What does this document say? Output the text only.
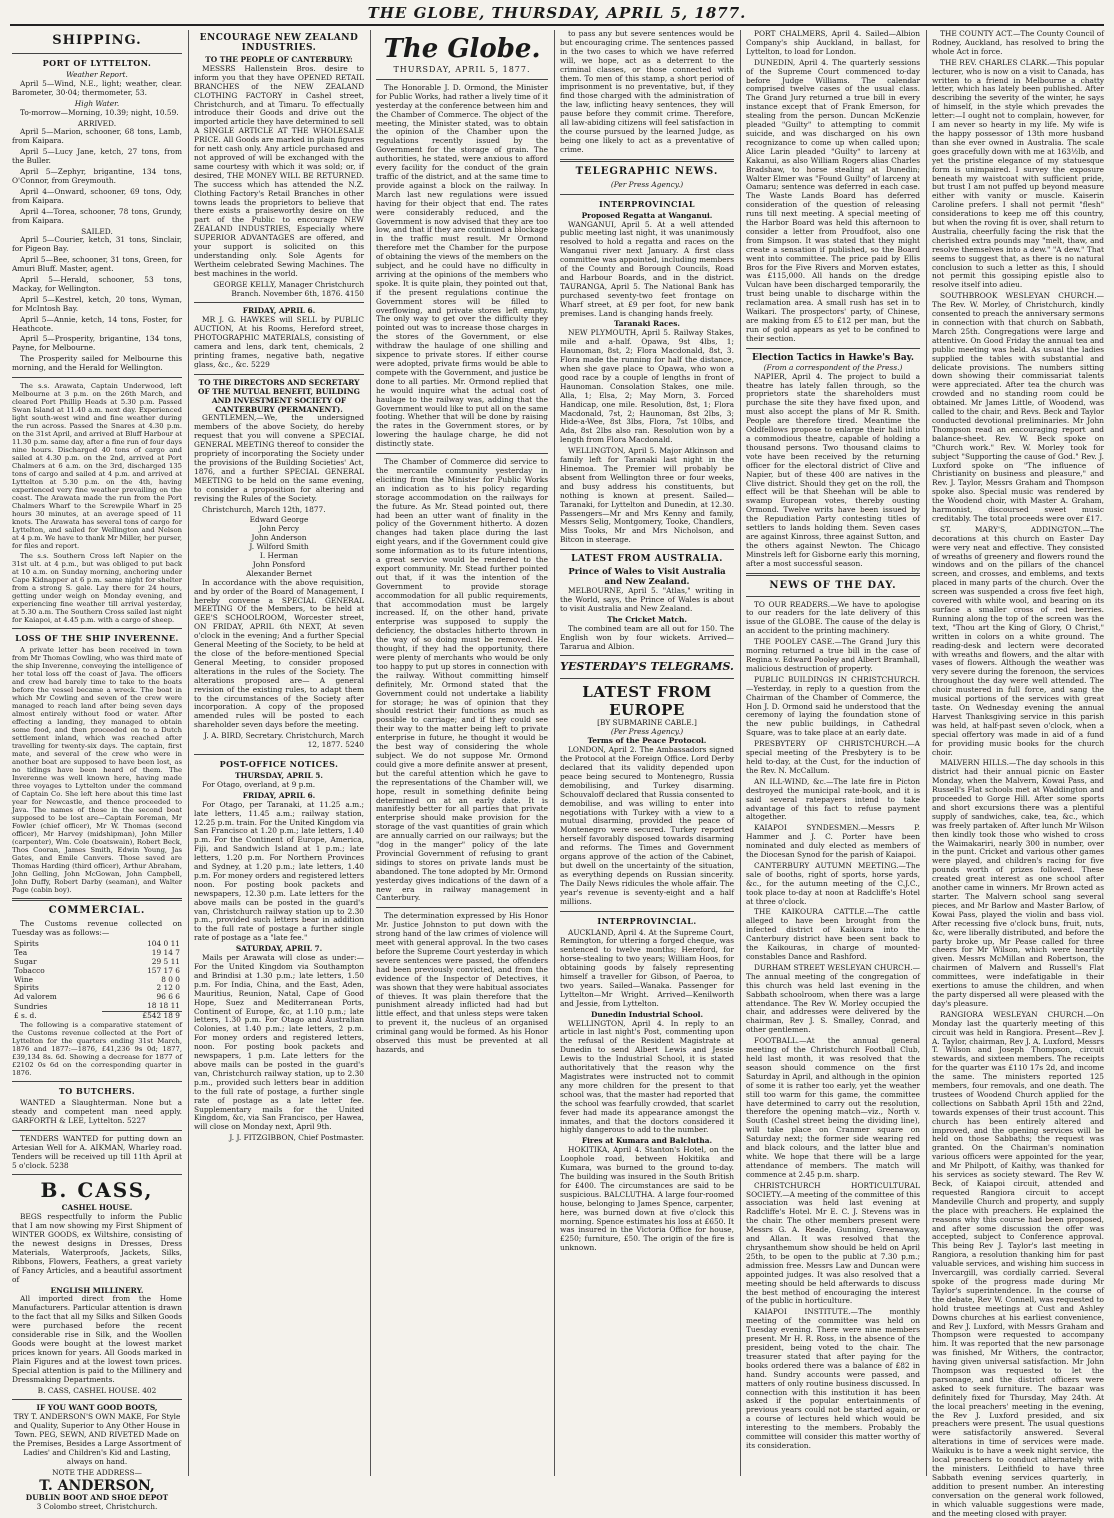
THE GLOBE, THURSDAY, APRIL 5, 1877.
SHIPPING.
PORT OF LYTTELTON.
Weather Report.

April 5—Wind, N.E., light; weather, clear. Barometer, 30·04; thermometer, 53.

High Water.

To-morrow—Morning, 10.39; night, 10.59.

ARRIVED.

April 5—Marion, schooner, 68 tons, Lamb, from Kaipara.

April 5—Lucy Jane, ketch, 27 tons, from the Buller.

April 5—Zephyr, brigantine, 134 tons, O'Connor, from Greymouth.

April 4—Onward, schooner, 69 tons, Ody, from Kaipara.

April 4—Torea, schooner, 78 tons, Grundy, from Kaipara.

SAILED.

April 5—Courier, ketch, 31 tons, Sinclair, for Pigeon Bay.

April 5—Bee, schooner, 31 tons, Green, for Amuri Bluff. Master, agent.

April 5—Herald, schooner, 53 tons, Mackay, for Wellington.

April 5—Kestrel, ketch, 20 tons, Wyman, for McIntosh Bay.

April 5—Annie, ketch, 14 tons, Foster, for Heathcote.

April 5—Prosperity, brigantine, 134 tons, Payne, for Melbourne.

The Prosperity sailed for Melbourne this morning, and the Herald for Wellington.

The s.s. Arawata, Captain Underwood, left Melbourne at 3 p.m. on the 26th March, and cleared Port Phillip Heads at 5.30 p.m. Passed Swan Island at 11.40 a.m. next day. Experienced light south-west wind and fine weather during the run across. Passed the Snares at 4.30 p.m. on the 31st April, and arrived at Bluff Harbour at 11.30 p.m. same day, after a fine run of four days nine hours. Discharged 40 tons of cargo and sailed at 4.30 p.m. on the 2nd, arrived at Port Chalmers at 6 a.m. on the 3rd, discharged 135 tons of cargo and sailed at 4 p.m. and arrived at Lyttelton at 5.30 p.m. on the 4th, having experienced very fine weather prevailing on the coast. The Arawata made the run from the Port Chalmers Wharf to the Screwpile Wharf in 25 hours 30 minutes, at an average speed of 11 knots. The Arawata has several tons of cargo for Lyttelton, and sailed for Wellington and Nelson at 4 p.m. We have to thank Mr Miller, her purser, for files and report.

The s.s. Southern Cross left Napier on the 31st ult. at 4 p.m., but was obliged to put back at 10 a.m. on Sunday morning, anchoring under Cape Kidnapper at 6 p.m. same night for shelter from a strong S. gale. Lay there for 24 hours, getting under weigh on Monday evening, and experiencing fine weather till arrival yesterday, at 5.30 a.m. The Southern Cross sailed last night for Kaiapoi, at 4.45 p.m. with a cargo of sheep.

LOSS OF THE SHIP INVERENNE.

A private letter has been received in town from Mr Thomas Cowling, who was third mate of the ship Inverenne, conveying the intelligence of her total loss off the coast of Java. The officers and crew had barely time to take to the boats before the vessel became a wreck. The boat in which Mr Cowling and seven of the crew were managed to reach land after being seven days almost entirely without food or water. After effecting a landing, they managed to obtain some food, and then proceeded on to a Dutch settlement inland, which was reached after travelling for twenty-six days. The captain, first mate, and several of the crew who were in another boat are supposed to have been lost, as no tidings have been heard of them. The Inverenne was well known here, having made three voyages to Lyttelton under the command of Captain Co. She left here about this time last year for Newcastle, and thence proceeded to Java. The names of those in the second boat supposed to be lost are—Captain Foreman, Mr Fowler (chief officer), Mr W. Thomas (second officer), Mr Harvey (midshipman), John Miller (carpenter), Wm. Cole (boatswain), Robert Beck, Thos Cooran, James Smith, Edwin Young, Jas Gates, and Emile Canvers. Those saved are Thomas Harding (third officer), Arthur Abraham, John Gelling, John McGowan, John Campbell, John Duffy, Robert Darby (seaman), and Walter Page (cabin boy).

COMMERCIAL.

The Customs revenue collected on Tuesday was as follows:—

Spirits	104 0 11
Tea	19 14 7
Sugar	29 5 11
Tobacco	157 17 6
Wine	8 0 0
Spirits	2 12 0
Ad valorem	96 6 6
Sundries	18 18 11
£ s. d.	£542 18 9

The following is a comparative statement of the Customs revenue collected at the Port of Lyttelton for the quarters ending 31st March, 1876 and 1877:—1876, £41,236 9s 0d; 1877, £39,134 8s. 6d. Showing a decrease for 1877 of £2102 0s 6d on the corresponding quarter in 1876.

TO BUTCHERS.

WANTED a Slaughterman. None but a steady and competent man need apply. GARFORTH & LEE, Lyttelton. 5227

TENDERS WANTED for putting down an Artesian Well for A. AIKMAN, Wharley road. Tenders will be received up till 11th April at 5 o'clock. 5238

B. CASS,
CASHEL HOUSE.

BEGS respectfully to inform the Public that I am now showing my First Shipment of WINTER GOODS, ex Wiltshire, consisting of the newest designs in Dresses, Dress Materials, Waterproofs, Jackets, Silks, Ribbons, Flowers, Feathers, a great variety of Fancy Articles, and a beautiful assortment of

ENGLISH MILLINERY.

All imported direct from the Home Manufacturers. Particular attention is drawn to the fact that all my Silks and Silken Goods were purchased before the recent considerable rise in Silk, and the Woollen Goods were bought at the lowest market prices known for years. All Goods marked in Plain Figures and at the lowest town prices. Special attention is paid to the Millinery and Dressmaking Departments.

B. CASS, CASHEL HOUSE. 402
IF YOU WANT GOOD BOOTS,

TRY T. ANDERSON'S OWN MAKE, For Style and Quality, Superior to Any Other House in Town. PEG, SEWN, AND RIVETED Made on the Premises, Besides a Large Assortment of Ladies' and Children's Kid and Lasting, always on hand.

NOTE THE ADDRESS—
T. ANDERSON,
DUBLIN BOOT AND SHOE DEPOT
3 Colombo street, Christchurch.
ENCOURAGE NEW ZEALAND INDUSTRIES.
TO THE PEOPLE OF CANTERBURY:

MESSRS Hallenstein Bros. desire to inform you that they have OPENED RETAIL BRANCHES of the NEW ZEALAND CLOTHING FACTORY in Cashel street, Christchurch, and at Timaru. To effectually introduce their Goods and drive out the imported article they have determined to sell A SINGLE ARTICLE AT THE WHOLESALE PRICE. All Goods are marked in plain figures for nett cash only. Any article purchased and not approved of will be exchanged with the same courtesy with which it was sold; or, if desired, THE MONEY WILL BE RETURNED. The success which has attended the N.Z. Clothing Factory's Retail Branches in other towns leads the proprietors to believe that there exists a praiseworthy desire on the part of the Public to encourage NEW ZEALAND INDUSTRIES, Especially where SUPERIOR ADVANTAGES are offered, and your support is solicited on this understanding only. Sole Agents for Wertheim celebrated Sewing Machines. The best machines in the world.

GEORGE KELLY, Manager Christchurch Branch. November 6th, 1876. 4150
FRIDAY, APRIL 6.

MR J. G. HAWKES will SELL by PUBLIC AUCTION, At his Rooms, Hereford street, PHOTOGRAPHIC MATERIALS, consisting of camera and lens, dark tent, chemicals, 2 printing frames, negative bath, negative glass, &c., &c. 5229

TO THE DIRECTORS AND SECRETARY OF THE MUTUAL BENEFIT, BUILDING AND INVESTMENT SOCIETY OF CANTERBURY (PERMANENT).

GENTLEMEN,—We, the undersigned members of the above Society, do hereby request that you will convene a SPECIAL GENERAL MEETING thereof to consider the propriety of incorporating the Society under the provisions of the Building Societies' Act, 1876, and a further SPECIAL GENERAL MEETING to be held on the same evening, to consider a proposition for altering and revising the Rules of the Society.

Christchurch, March 12th, 1877.

Edward George

John Percy

John Anderson

J. Wilford Smith

I. Herman

John Ponsford

Alexander Bernet

In accordance with the above requisition, and by order of the Board of Management, I hereby convene a SPECIAL GENERAL MEETING Of the Members, to be held at GEE'S SCHOOLROOM, Worcester street, ON FRIDAY, APRIL 6th NEXT, At seven o'clock in the evening; And a further Special General Meeting of the Society, to be held at the close of the before-mentioned Special General Meeting, to consider proposed alterations in the rules of the Society. The alterations proposed are— A general revision of the existing rules, to adapt them to the circumstances of the Society after incorporation. A copy of the proposed amended rules will be posted to each shareholder seven days before the meeting.

J. A. BIRD, Secretary. Christchurch, March 12, 1877. 5240
POST-OFFICE NOTICES.
THURSDAY, APRIL 5.

For Otago, overland, at 9 p.m.

FRIDAY, APRIL 6.

For Otago, per Taranaki, at 11.25 a.m.; late letters, 11.45 a.m.; railway station, 12.25 p.m. train. For the United Kingdom via San Francisco at 1.20 p.m.; late letters, 1.40 p.m. For the Continent of Europe, America, Fiji, and Sandwich Island at 1 p.m.; late letters, 1.20 p.m. For Northern Provinces and Sydney, at 1.20 p.m.; late letters, 1.40 p.m. For money orders and registered letters noon. For posting book packets and newspapers, 12.30 p.m. Late letters for the above mails can be posted in the guard's van, Christchurch railway station up to 2.30 p.m., provided such letters bear in addition to the full rate of postage a further single rate of postage as a "late fee."

SATURDAY, APRIL 7.

Mails per Arawata will close as under:— For the United Kingdom via Southampton and Brindisi at 1.30 p.m.; late letters, 1.50 p.m. For India, China, and the East, Aden, Mauritius, Reunion, Natal, Cape of Good Hope, Suez and Mediterranean Ports, Continent of Europe, &c, at 1.10 p.m.; late letters, 1.30 p.m. For Otago and Australian Colonies, at 1.40 p.m.; late letters, 2 p.m. For money orders and registered letters, noon. For posting book packets and newspapers, 1 p.m. Late letters for the above mails can be posted in the guard's van, Christchurch railway station, up to 2.30 p.m., provided such letters bear in addition to the full rate of postage, a further single rate of postage as a late letter fee. Supplementary mails for the United Kingdom, &c, via San Francisco, per Hawea, will close on Monday next, April 9th.

J. J. FITZGIBBON, Chief Postmaster.
The Globe.
THURSDAY, APRIL 5, 1877.

The Honorable J. D. Ormond, the Minister for Public Works, had rather a lively time of it yesterday at the conference between him and the Chamber of Commerce. The object of the meeting, the Minister stated, was to obtain the opinion of the Chamber upon the regulations recently issued by the Government for the storage of grain. The authorities, he stated, were anxious to afford every facility for the conduct of the grain traffic of the district, and at the same time to provide against a block on the railway. In March last new regulations were issued having for their object that end. The rates were considerably reduced, and the Government is now advised that they are too low, and that if they are continued a blockage in the traffic must result. Mr Ormond therefore met the Chamber for the purpose of obtaining the views of the members on the subject, and he could have no difficulty in arriving at the opinions of the members who spoke. It is quite plain, they pointed out that, if the present regulations continue the Government stores will be filled to overflowing, and private stores left empty. The only way to get over the difficulty they pointed out was to increase those charges in the stores of the Government, or else withdraw the haulage of one shilling and sixpence to private stores. If either course were adopted, private firms would be able to compete with the Government, and justice be done to all parties. Mr. Ormond replied that he would inquire what the actual cost of haulage to the railway was, adding that the Government would like to put all on the same footing. Whether that will be done by raising the rates in the Government stores, or by lowering the haulage charge, he did not distinctly state.

The Chamber of Commerce did service to the mercantile community yesterday in eliciting from the Minister for Public Works an indication as to his policy regarding storage accommodation on the railways for the future. As Mr. Stead pointed out, there had been an utter want of finality in the policy of the Government hitherto. A dozen changes had taken place during the last eight years, and if the Government could give some information as to its future intentions, a great service would be rendered to the export community. Mr. Stead further pointed out that, if it was the intention of the Government to provide storage accommodation for all public requirements, that accommodation must be largely increased. If, on the other hand, private enterprise was supposed to supply the deficiency, the obstacles hitherto thrown in the way of so doing must be removed. He thought, if they had the opportunity, there were plenty of merchants who would be only too happy to put up stores in connection with the railway. Without committing himself definitely, Mr. Ormond stated that the Government could not undertake a liability for storage; he was of opinion that they should restrict their functions as much as possible to carriage; and if they could see their way to the matter being left to private enterprise in future, he thought it would be the best way of considering the whole subject. We do not suppose Mr. Ormond could give a more definite answer at present, but the careful attention which he gave to the representations of the Chamber will, we hope, result in something definite being determined on at an early date. It is manifestly better for all parties that private enterprise should make provision for the storage of the vast quantities of grain which are annually carried on our railways; but the "dog in the manger" policy of the late Provincial Government of refusing to grant sidings to stores on private lands must be abandoned. The tone adopted by Mr. Ormond yesterday gives indications of the dawn of a new era in railway management in Canterbury.

The determination expressed by His Honor Mr. Justice Johnston to put down with the strong hand of the law crimes of violence will meet with general approval. In the two cases before the Supreme Court yesterday in which severe sentences were passed, the offenders had been previously convicted, and from the evidence of the Inspector of Detectives, it was shown that they were habitual associates of thieves. It was plain therefore that the punishment already inflicted had had but little effect, and that unless steps were taken to prevent it, the nucleus of an organised criminal gang would be formed. As his Honor observed this must be prevented at all hazards, and

to pass any but severe sentences would be but encouraging crime. The sentences passed in the two cases to which we have referred will, we hope, act as a deterrent to the criminal classes, or those connected with them. To men of this stamp, a short period of imprisonment is no preventative, but, if they find those charged with the administration of the law, inflicting heavy sentences, they will pause before they commit crime. Therefore, all law-abiding citizens will feel satisfaction in the course pursued by the learned Judge, as being one likely to act as a preventative of crime.

TELEGRAPHIC NEWS.
(Per Press Agency.)
INTERPROVINCIAL
Proposed Regatta at Wanganui.

WANGANUI, April 5. At a well attended public meeting last night, it was unanimously resolved to hold a regatta and races on the Wanganui river next January. A first class committee was appointed, including members of the County and Borough Councils, Road and Harbour Boards, and in the district. TAURANGA, April 5. The National Bank has purchased seventy-two feet frontage on Wharf street, at £9 per foot, for new bank premises. Land is changing hands freely.

Taranaki Races.

NEW PLYMOUTH, April 5. Railway Stakes, mile and a-half. Opawa, 9st 4lbs, 1; Haunoman, 8st, 2; Flora Macdonald, 8st, 3. Flora made the running for half the distance, when she gave place to Opawa, who won a good race by a couple of lengths in front of Haunoman. Consolation Stakes, one mile. Alla, 1; Elsa, 2; May Morn, 3. Forced Handicap, one mile. Resolution, 8st, 1; Flora Macdonald, 7st, 2; Haunoman, 8st 2lbs, 3; Hide-a-Wee, 8st 3lbs, Flora, 7st 10lbs, and Ada, 8st 2lbs also ran. Resolution won by a length from Flora Macdonald.

WELLINGTON, April 5. Major Atkinson and family left for Taranaki last night in the Hinemoa. The Premier will probably be absent from Wellington three or four weeks, and busy address his constituents, but nothing is known at present. Sailed—Taranaki, for Lyttelton and Dunedin, at 12.30. Passengers—Mr and Mrs Kenny and family, Messrs Selig, Montgomery, Tooke, Chandlers, Miss Tooks, Mr and Mrs Nicholson, and Bitcon in steerage.

LATEST FROM AUSTRALIA.
Prince of Wales to Visit Australia and New Zealand.

MELBOURNE, April 5. "Atlas," writing in the World, says, the Prince of Wales is about to visit Australia and New Zealand.

The Cricket Match.

The combined team are all out for 150. The English won by four wickets. Arrived—Tararua and Albion.

YESTERDAY'S TELEGRAMS.
LATEST FROM EUROPE
[BY SUBMARINE CABLE.]
(Per Press Agency.)
Terms of the Peace Protocol.

LONDON, April 2. The Ambassadors signed the Protocol at the Foreign Office. Lord Derby declared that its validity depended upon peace being secured to Montenegro, Russia demobilising, and Turkey disarming. Schouvaloff declared that Russia consented to demobilise, and was willing to enter into negotiations with Turkey with a view to a mutual disarming, provided the peace of Montenegro were secured. Turkey reported herself favorably disposed towards disarming and reforms. The Times and Government organs approve of the action of the Cabinet, but dwell on the uncertainty of the situation, as everything depends on Russian sincerity. The Daily News ridicules the whole affair. The year's revenue is seventy-eight and a half millions.

INTERPROVINCIAL.

AUCKLAND, April 4. At the Supreme Court, Remington, for uttering a forged cheque, was sentenced to twelve months; Hereford, for horse-stealing to two years; William Hoos, for obtaining goods by falsely representing himself a traveller for Gibson, of Paeroa, to two years. Sailed—Wanaka. Passenger for Lyttelton—Mr Wright. Arrived—Kenilworth and Jessie, from Lyttelton.

Dunedin Industrial School.

WELLINGTON, April 4. In reply to an article in last night's Post, commenting upon the refusal of the Resident Magistrate at Dunedin to send Albert Lewis and Jessie Lewis to the Industrial School, it is stated authoritatively that the reason why the Magistrates were instructed not to commit any more children for the present to that school was, that the master had reported that the school was fearfully crowded, that scarlet fever had made its appearance amongst the inmates, and that the doctors considered it highly dangerous to add to the number.

Fires at Kumara and Balclutha.

HOKITIKA, April 4. Stanton's Hotel, on the Loophole road, between Hokitika and Kumara, was burned to the ground to-day. The building was insured in the South British for £400. The circumstances are said to be suspicious. BALCLUTHA. A large four-roomed house, belonging to James Spence, carpenter, here, was burned down at five o'clock this morning. Spence estimates his loss at £650. It was insured in the Victoria Office for house, £250; furniture, £50. The origin of the fire is unknown.

PORT CHALMERS, April 4. Sailed—Albion Company's ship Auckland, in ballast, for Lyttelton, to load for London.

DUNEDIN, April 4. The quarterly sessions of the Supreme Court commenced to-day before Judge Williams. The calendar comprised twelve cases of the usual class. The Grand Jury returned a true bill in every instance except that of Frank Emerson, for stealing from the person. Duncan McKenzie pleaded "Guilty" to attempting to commit suicide, and was discharged on his own recognizance to come up when called upon; Alice Larin pleaded "Guilty" to larceny at Kakanui, as also William Rogers alias Charles Bradshaw, to horse stealing at Dunedin; Walter Elmer was "Found Guilty" of larceny at Oamaru; sentence was deferred in each case. The Waste Lands Board has deferred consideration of the question of releasing runs till next meeting. A special meeting of the Harbor Board was held this afternoon to consider a letter from Proudfoot, also one from Simpson. It was stated that they might create a sensation if published, so the Board went into committee. The price paid by Ellis Bros for the Five Rivers and Morven estates, was £115,000. All hands on the dredge Vulcan have been discharged temporarily, the trust being unable to discharge within the reclamation area. A small rush has set in to Waikari. The prospectors' party, of Chinese, are making from £5 to £12 per man, but the run of gold appears as yet to be confined to their section.

Election Tactics in Hawke's Bay.
(From a correspondent of the Press.)

NAPIER, April 4. The project to build a theatre has lately fallen through, so the proprietors state the shareholders must purchase the site they have fixed upon, and must also accept the plans of Mr R. Smith. People are therefore tired. Meantime the Oddfellows propose to enlarge their hall into a commodious theatre, capable of holding a thousand persons. Two thousand claims to vote have been received by the returning officer for the electoral district of Clive and Napier, but of these 400 are natives in the Clive district. Should they get on the roll, the effect will be that Sheehan will be able to swamp European votes, thereby ousting Ormond. Twelve writs have been issued by the Repudiation Party contesting titles of settlers to lands holding them. Seven cases are against Kinross, three against Sutton, and the others against Newton. The Chicago Minstrels left for Gisborne early this morning, after a most successful season.

NEWS OF THE DAY.

TO OUR READERS.—We have to apologise to our readers for the late delivery of this issue of the GLOBE. The cause of the delay is an accident to the printing machinery.

THE POOLEY CASE.—The Grand Jury this morning returned a true bill in the case of Regina v. Edward Pooley and Albert Bramhall, malicious destruction of property.

PUBLIC BUILDINGS IN CHRISTCHURCH.—Yesterday, in reply to a question from the Chairman of the Chamber of Commerce, the Hon J. D. Ormond said he understood that the ceremony of laying the foundation stone of the new public buildings, in Cathedral Square, was to take place at an early date.

PRESBYTERY OF CHRISTCHURCH.—A special meeting of the Presbytery is to be held to-day, at the Cust, for the induction of the Rev. N. McCallum.

AN ILL-WIND, &c.—The late fire in Picton destroyed the municipal rate-book, and it is said several ratepayers intend to take advantage of this fact to refuse payment altogether.

KAIAPOI SYNDESMEN.—Messrs P. Hammer and J. C. Porter have been nominated and duly elected as members of the Diocesan Synod for the parish of Kaiapoi.

CANTERBURY AUTUMN MEETING.—The sale of booths, right of sports, horse yards, &c., for the autumn meeting of the C.J.C., took place to-day at noon at Radcliffe's Hotel at three o'clock.

THE KAIKOURA CATTLE.—The cattle alleged to have been brought from the infected district of Kaikoura into the Canterbury district have been sent back to the Kaikouras, in charge of mounted-constables Dance and Rashford.

DURHAM STREET WESLEYAN CHURCH.—The annual meeting of the congregation of this church was held last evening in the Sabbath schoolroom, when there was a large attendance. The Rev W. Morley occupied the chair, and addresses were delivered by the chairman, Rev J. S. Smalley, Conrad, and other gentlemen.

FOOTBALL.—At the annual general meeting of the Christchurch Football Club, held last month, it was resolved that the season should commence on the first Saturday in April, and although in the opinion of some it is rather too early, yet the weather still too warm for this game, the committee have determined to carry out the resolution, therefore the opening match—viz., North v. South (Cashel street being the dividing line), will take place on Cranmer square on Saturday next; the former side wearing red and black colours, and the latter blue and white. We hope that there will be a large attendance of members. The match will commence at 2.45 p.m. sharp.

CHRISTCHURCH HORTICULTURAL SOCIETY.—A meeting of the committee of this association was held last evening at Radcliffe's Hotel. Mr E. C. J. Stevens was in the chair. The other members present were Messrs G. A. Reade, Gunning, Greenaway, and Allan. It was resolved that the chrysanthemum show should be held on April 25th, to be open to the public at 7.30 p.m.; admission free. Messrs Law and Duncan were appointed judges. It was also resolved that a meeting should be held afterwards to discuss the best method of encouraging the interest of the public in horticulture.

KAIAPOI INSTITUTE.—The monthly meeting of the committee was held on Tuesday evening. There were nine members present. Mr H. R. Ross, in the absence of the president, being voted to the chair. The treasurer stated that after paying for the books ordered there was a balance of £82 in hand. Sundry accounts were passed, and matters of only routine business discussed. In connection with this institution it has been asked if the popular entertainments of previous years could not be started again, or a course of lectures held which would be interesting to the members. Probably the committee will consider this matter worthy of its consideration.

THE COUNTY ACT.—The County Council of Rodney, Auckland, has resolved to bring the whole Act in force.

THE REV. CHARLES CLARK.—This popular lecturer, who is now on a visit to Canada, has written to a friend in Melbourne a chatty letter, which has lately been published. After describing the severity of the winter, he says of himself, in the style which prevades the letter:—I ought not to complain, however, for I am never so hearty in my life. My wife is the happy possessor of 13th more husband than she ever owned in Australia. The scale goes gracefully down with me at 163½lb, and yet the pristine elegance of my statuesque form is unimpaired. I survey the exposure beneath my waistcoat with sufficient pride, but trust I am not puffed up beyond measure either with vanity or muscle. Kaiserin Caroline prefers. I shall not permit "flesh" considerations to keep me off this country, but when the roving fit is over, shall return to Australia, cheerfully facing the risk that the cherished extra pounds may "melt, thaw, and resolve themselves into a dew." "A dew." That seems to suggest that, as there is no natural conclusion to such a letter as this, I should not permit this gossiping epistle also to resolve itself into adieu.

SOUTHBROOK WESLEYAN CHURCH.—The Rev. W. Morley, of Christchurch, kindly consented to preach the anniversary sermons in connection with that church on Sabbath, March 25th. Congregations were large and attentive. On Good Friday the annual tea and public meeting was held. As usual the ladies supplied the tables with substantial and delicate provisions. The numbers sitting down showing their commissariat talents were appreciated. After tea the church was crowded and no standing room could be obtained. Mr James Little, of Woodend, was called to the chair, and Revs. Beck and Taylor conducted devotional preliminaries. Mr John Thompson read an encouraging report and balance-sheet. Rev. W. Beck spoke on "Church work." Rev. W. Morley took for subject "Supporting the cause of God." Rev. J. Luxford spoke on "The influence of Christianity on business and pleasure," and Rev. J. Taylor, Messrs Graham and Thompson spoke also. Special music was rendered by the Woodend choir, with Master A. Graham, harmonist, discoursed sweet music creditably. The total proceeds were over £17.

ST. MARY'S, ADDINGTON.—The decorations at this church on Easter Day were very neat and effective. They consisted of wreaths of greenery and flowers round the windows and on the pillars of the chancel screen, and crosses, and emblems, and texts placed in many parts of the church. Over the screen was suspended a cross five feet high, covered with white wool, and bearing on its surface a smaller cross of red berries. Running along the top of the screen was the text, "Thou art the King of Glory, O Christ," written in colors on a white ground. The reading-desk and lectern were decorated with wreaths and flowers, and the altar with vases of flowers. Although the weather was very severe during the forenoon, the services throughout the day were well attended. The choir mustered in full force, and sang the musical portions of the services with great taste. On Wednesday evening the annual Harvest Thanksgiving service in this parish was held, at half-past seven o'clock, when a special offertory was made in aid of a fund for providing music books for the church choir.

MALVERN HILLS.—The day schools in this district had their annual picnic on Easter Monday, when the Malvern, Kowai Pass, and Russell's Flat schools met at Waddington and proceeded to Gorge Hill. After some sports and short excursions there was a plentiful supply of sandwiches, cake, tea, &c., which was freely partaken of. After lunch Mr Wilson then kindly took those who wished to cross the Waimakariri, nearly 300 in number, over in the punt. Cricket and various other games were played, and children's racing for five pounds worth of prizes followed. These created great interest as one school after another came in winners. Mr Brown acted as starter. The Malvern school sang several pieces, and Mr Barlow and Master Barlow, of Kowai Pass, played the violin and bass viol. After recessing five o'clock buns, fruit, nuts, &c, were liberally distributed, and before the party broke up, Mr Pease called for three cheers for Mr Wilson, which were heartily given. Messrs McMillan and Robertson, the chairmen of Malvern and Russell's Flat committees, were indefatigable in their exertions to amuse the children, and when the party dispersed all were pleased with the day's pleasure.

RANGIORA WESLEYAN CHURCH.—On Monday last the quarterly meeting of this circuit was held in Rangiora. Present—Rev J. A. Taylor, chairman, Rev J. A. Luxford, Messrs T. Wilson and Joseph Thompson, circuit stewards, and sixteen members. The receipts for the quarter was £110 17s 2d, and income the same. The ministers reported 125 members, four removals, and one death. The trustees of Woodend Church applied for the collections on Sabbath April 15th and 22nd, towards expenses of their trust account. This church has been entirely altered and improved, and the opening services will be held on those Sabbaths; the request was granted. On the Chairman's nomination various officers were appointed for the year, and Mr Philpott, of Kaithy, was thanked for his services as society steward. The Rev W. Beck, of Kaiapoi circuit, attended and requested Rangiora circuit to accept Mandeville Church and property, and supply the place with preachers. He explained the reasons why this course had been proposed, and after some discussion the offer was accepted, subject to Conference approval. This being Rev J. Taylor's last meeting in Rangiora, a resolution thanking him for past valuable services, and wishing him success in Invercargill, was cordially carried. Several spoke of the progress made during Mr Taylor's superintendence. In the course of the debate, Rev W. Connell, was requested to hold trustee meetings at Cust and Ashley Downs churches at his earliest convenience, and Rev J. Luxford, with Messrs Graham and Thompson were requested to accompany him. It was reported that the new parsonage was finished, Mr Withers, the contractor, having given universal satisfaction. Mr John Thompson was requested to let the parsonage, and the district officers were asked to seek furniture. The bazaar was definitely fixed for Thursday, May 24th. At the local preachers' meeting in the evening, the Rev J. Luxford presided, and six preachers were present. The usual questions were satisfactorily answered. Several alterations in time of services were made. Waikuku is to have a week night service, the local preachers to conduct alternately with the ministers. Leithfield to have three Sabbath evening services quarterly, in addition to present number. An interesting conversation on the general work followed, in which valuable suggestions were made, and the meeting closed with prayer.
